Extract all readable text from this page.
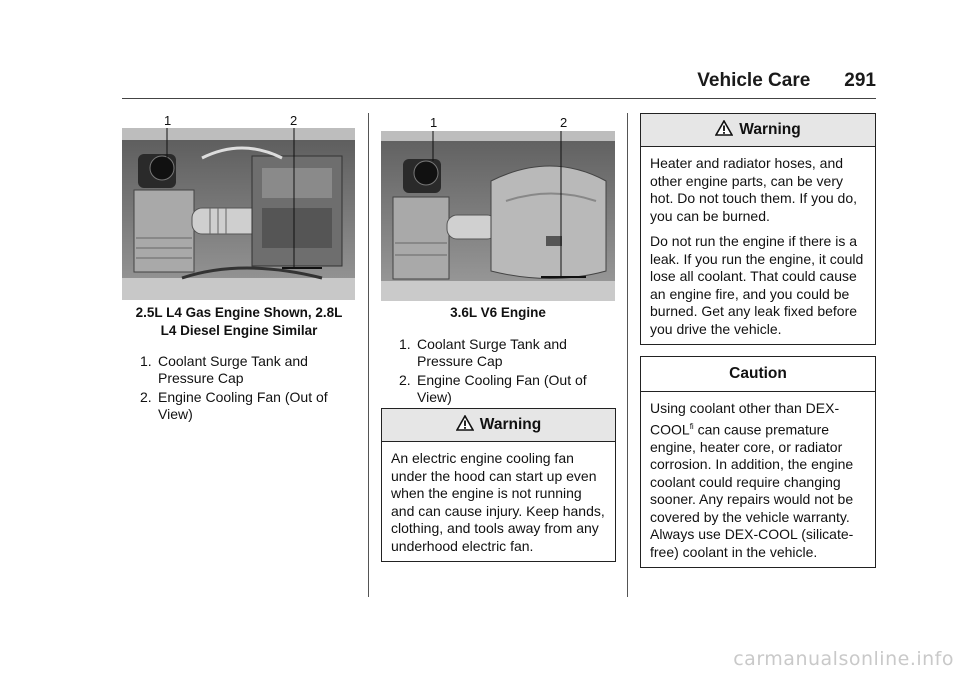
Vehicle Care 291
1	2
2.5L L4 Gas Engine Shown, 2.8L
L4 Diesel Engine Similar
1. Coolant Surge Tank and Pressure Cap
2. Engine Cooling Fan (Out of View)
1	2
3.6L V6 Engine
1. Coolant Surge Tank and Pressure Cap
2. Engine Cooling Fan (Out of View)
Warning

An electric engine cooling fan under the hood can start up even when the engine is not running and can cause injury. Keep hands, clothing, and tools away from any underhood electric fan.

Warning

Heater and radiator hoses, and other engine parts, can be very hot. Do not touch them. If you do, you can be burned.

Do not run the engine if there is a leak. If you run the engine, it could lose all coolant. That could cause an engine fire, and you could be burned. Get any leak fixed before you drive the vehicle.

Caution

Using coolant other than DEX-$COOL^{fi}$ can cause premature engine, heater core, or radiator corrosion. In addition, the engine coolant could require changing sooner. Any repairs would not be covered by the vehicle warranty. Always use DEX-COOL (silicate-free) coolant in the vehicle.

carmanualsonline.info
